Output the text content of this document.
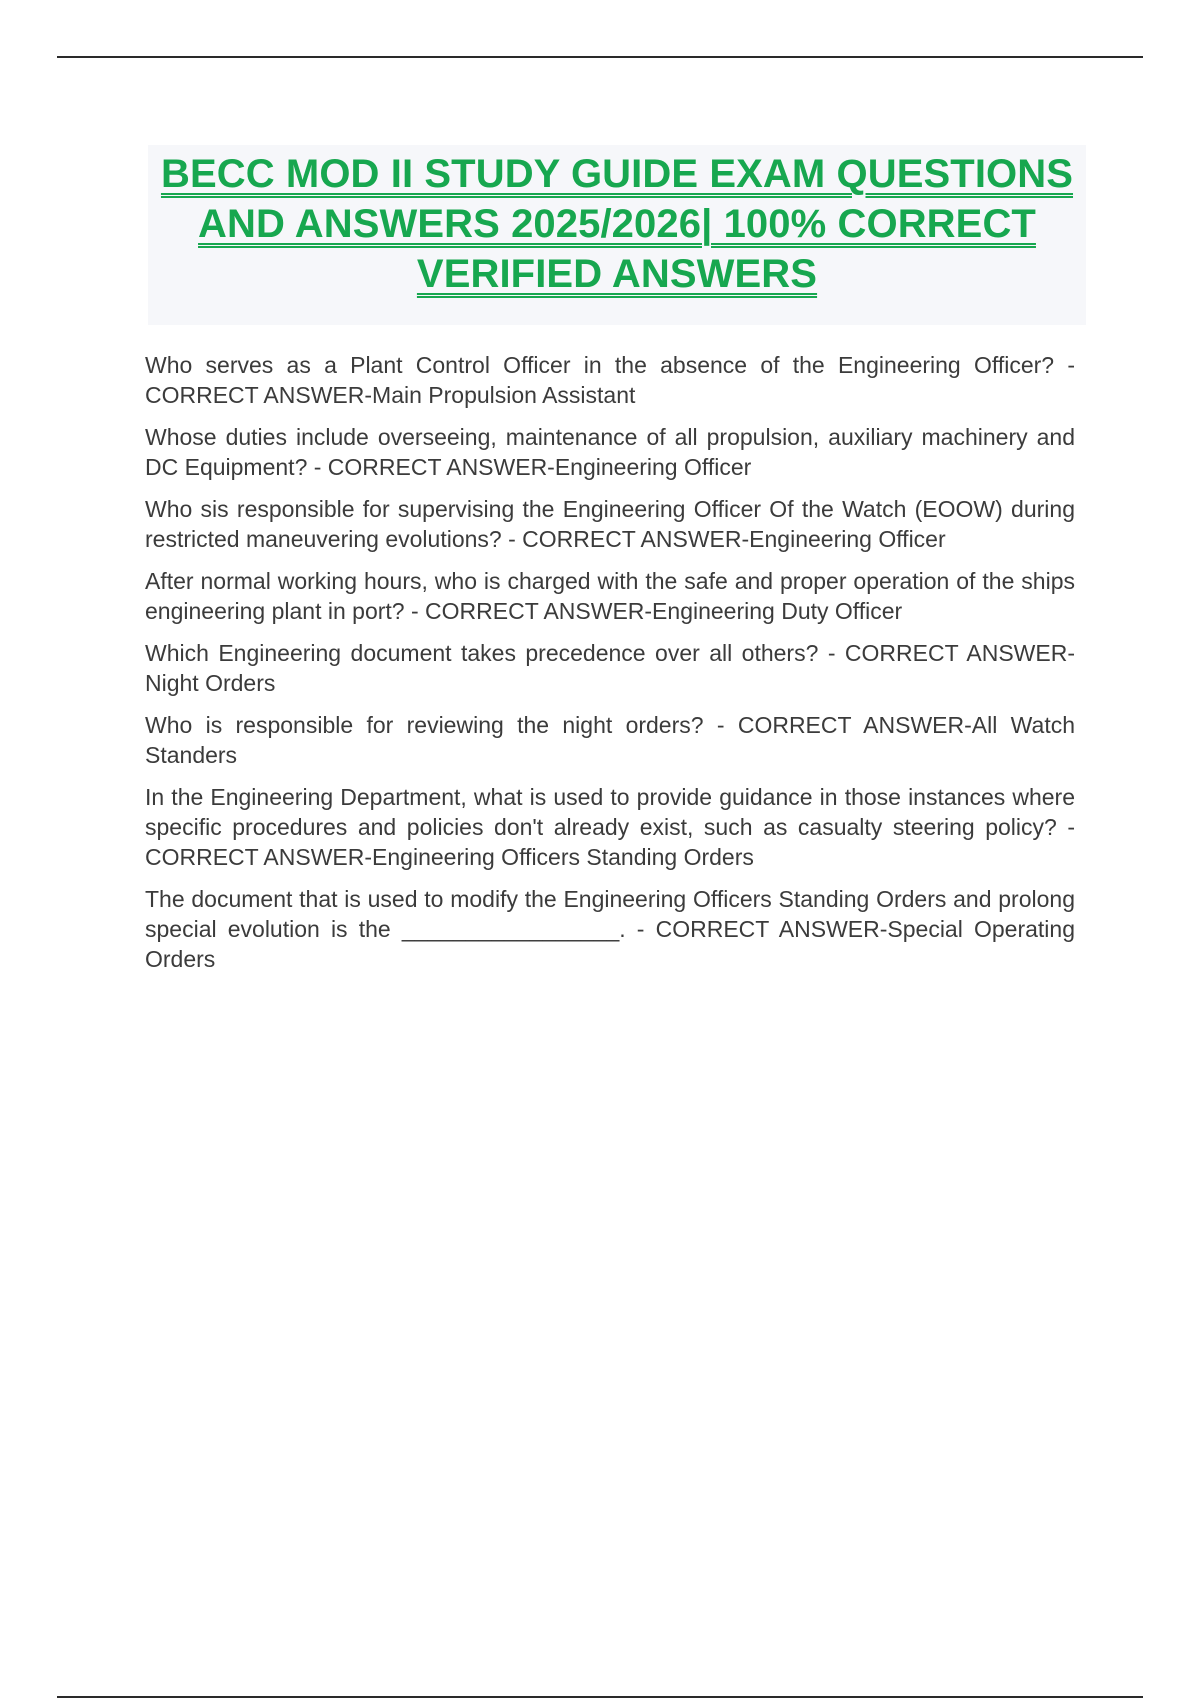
BECC MOD II STUDY GUIDE EXAM QUESTIONS AND ANSWERS 2025/2026| 100% CORRECT VERIFIED ANSWERS
Who serves as a Plant Control Officer in the absence of the Engineering Officer? - CORRECT ANSWER-Main Propulsion Assistant
Whose duties include overseeing, maintenance of all propulsion, auxiliary machinery and DC Equipment? - CORRECT ANSWER-Engineering Officer
Who sis responsible for supervising the Engineering Officer Of the Watch (EOOW) during restricted maneuvering evolutions? - CORRECT ANSWER-Engineering Officer
After normal working hours, who is charged with the safe and proper operation of the ships engineering plant in port? - CORRECT ANSWER-Engineering Duty Officer
Which Engineering document takes precedence over all others? - CORRECT ANSWER-Night Orders
Who is responsible for reviewing the night orders? - CORRECT ANSWER-All Watch Standers
In the Engineering Department, what is used to provide guidance in those instances where specific procedures and policies don't already exist, such as casualty steering policy? - CORRECT ANSWER-Engineering Officers Standing Orders
The document that is used to modify the Engineering Officers Standing Orders and prolong special evolution is the _________________. - CORRECT ANSWER-Special Operating Orders
